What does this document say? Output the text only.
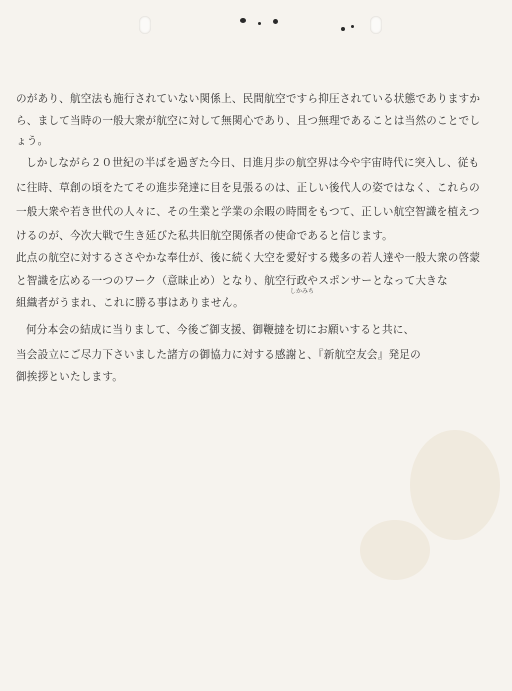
のがあり、航空法も施行されていない関係上、民間航空ですら抑圧されている状態でありますか

ら、まして当時の一般大衆が航空に対して無関心であり、且つ無理であることは当然のことでし

ょう。

しかしながら２０世紀の半ばを過ぎた今日、日進月歩の航空界は今や宇宙時代に突入し、従も

に往時、草創の頃をたてその進歩発達に目を見張るのは、正しい後代人の姿ではなく、これらの

一般大衆や若き世代の人々に、その生業と学業の余暇の時間をもつて、正しい航空智識を植えつ

けるのが、今次大戦で生き延びた私共旧航空関係者の使命であると信じます。

此点の航空に対するささやかな奉仕が、後に続く大空を愛好する幾多の若人達や一般大衆の啓蒙

と智識を広める一つのワーク（意昧止め）となり、航空行政やスポンサーとなって大きな

組織者がうまれ、これに勝る事はありません。

何分本会の結成に当りまして、今後ご御支援、御鞭撻を切にお願いすると共に、

当会設立にご尽力下さいました諸方の御協力に対する感謝と、『新航空友会』発足の

御挨拶といたします。

しかみち
